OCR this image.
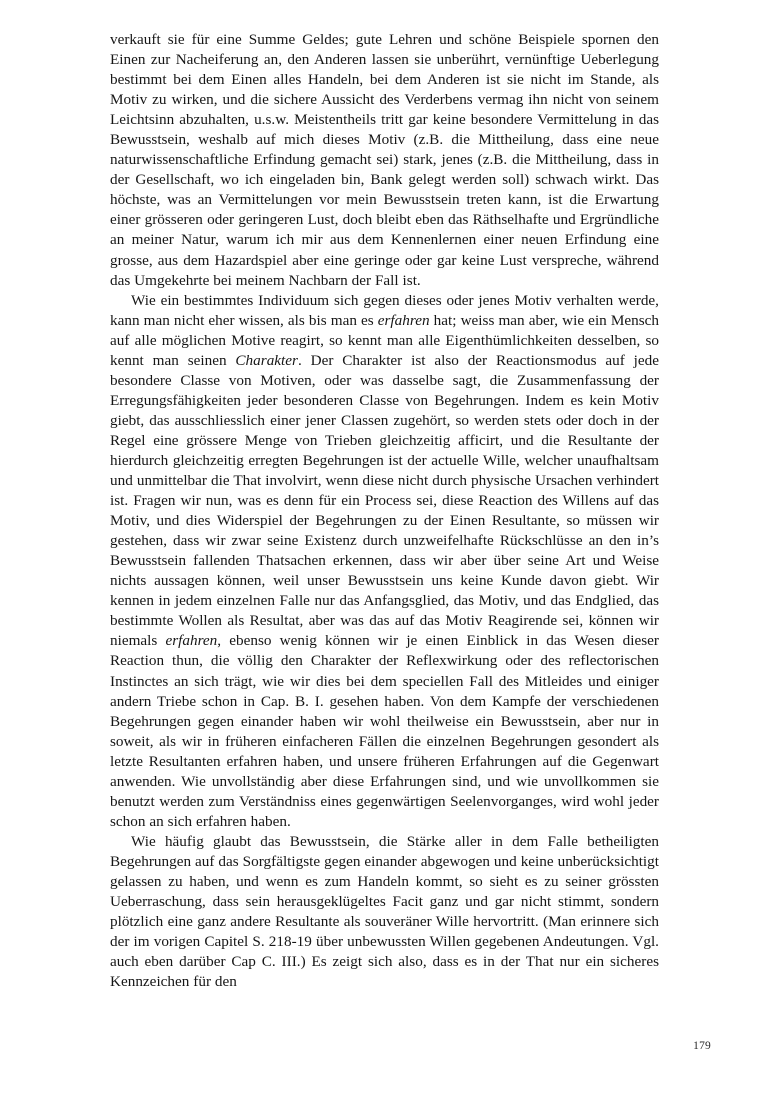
verkauft sie für eine Summe Geldes; gute Lehren und schöne Beispiele spornen den Einen zur Nacheiferung an, den Anderen lassen sie unberührt, vernünftige Ueberlegung bestimmt bei dem Einen alles Handeln, bei dem Anderen ist sie nicht im Stande, als Motiv zu wirken, und die sichere Aussicht des Verderbens vermag ihn nicht von seinem Leichtsinn abzuhalten, u.s.w. Meistentheils tritt gar keine besondere Vermittelung in das Bewusstsein, weshalb auf mich dieses Motiv (z.B. die Mittheilung, dass eine neue naturwissenschaftliche Erfindung gemacht sei) stark, jenes (z.B. die Mittheilung, dass in der Gesellschaft, wo ich eingeladen bin, Bank gelegt werden soll) schwach wirkt. Das höchste, was an Vermittelungen vor mein Bewusstsein treten kann, ist die Erwartung einer grösseren oder geringeren Lust, doch bleibt eben das Räthselhafte und Ergründliche an meiner Natur, warum ich mir aus dem Kennenlernen einer neuen Erfindung eine grosse, aus dem Hazardspiel aber eine geringe oder gar keine Lust verspreche, während das Umgekehrte bei meinem Nachbarn der Fall ist.

Wie ein bestimmtes Individuum sich gegen dieses oder jenes Motiv verhalten werde, kann man nicht eher wissen, als bis man es erfahren hat; weiss man aber, wie ein Mensch auf alle möglichen Motive reagirt, so kennt man alle Eigenthümlichkeiten desselben, so kennt man seinen Charakter. Der Charakter ist also der Reactionsmodus auf jede besondere Classe von Motiven, oder was dasselbe sagt, die Zusammenfassung der Erregungsfähigkeiten jeder besonderen Classe von Begehrungen. Indem es kein Motiv giebt, das ausschliesslich einer jener Classen zugehört, so werden stets oder doch in der Regel eine grössere Menge von Trieben gleichzeitig afficirt, und die Resultante der hierdurch gleichzeitig erregten Begehrungen ist der actuelle Wille, welcher unaufhaltsam und unmittelbar die That involvirt, wenn diese nicht durch physische Ursachen verhindert ist. Fragen wir nun, was es denn für ein Process sei, diese Reaction des Willens auf das Motiv, und dies Widerspiel der Begehrungen zu der Einen Resultante, so müssen wir gestehen, dass wir zwar seine Existenz durch unzweifelhafte Rückschlüsse an den in’s Bewusstsein fallenden Thatsachen erkennen, dass wir aber über seine Art und Weise nichts aussagen können, weil unser Bewusstsein uns keine Kunde davon giebt. Wir kennen in jedem einzelnen Falle nur das Anfangsglied, das Motiv, und das Endglied, das bestimmte Wollen als Resultat, aber was das auf das Motiv Reagirende sei, können wir niemals erfahren, ebenso wenig können wir je einen Einblick in das Wesen dieser Reaction thun, die völlig den Charakter der Reflexwirkung oder des reflectorischen Instinctes an sich trägt, wie wir dies bei dem speciellen Fall des Mitleides und einiger andern Triebe schon in Cap. B. I. gesehen haben. Von dem Kampfe der verschiedenen Begehrungen gegen einander haben wir wohl theilweise ein Bewusstsein, aber nur in soweit, als wir in früheren einfacheren Fällen die einzelnen Begehrungen gesondert als letzte Resultanten erfahren haben, und unsere früheren Erfahrungen auf die Gegenwart anwenden. Wie unvollständig aber diese Erfahrungen sind, und wie unvollkommen sie benutzt werden zum Verständniss eines gegenwärtigen Seelenvorganges, wird wohl jeder schon an sich erfahren haben.

Wie häufig glaubt das Bewusstsein, die Stärke aller in dem Falle betheiligten Begehrungen auf das Sorgfältigste gegen einander abgewogen und keine unberücksichtigt gelassen zu haben, und wenn es zum Handeln kommt, so sieht es zu seiner grössten Ueberraschung, dass sein herausgeklügeltes Facit ganz und gar nicht stimmt, sondern plötzlich eine ganz andere Resultante als souveräner Wille hervortritt. (Man erinnere sich der im vorigen Capitel S. 218-19 über unbewussten Willen gegebenen Andeutungen. Vgl. auch eben darüber Cap C. III.) Es zeigt sich also, dass es in der That nur ein sicheres Kennzeichen für den

179
